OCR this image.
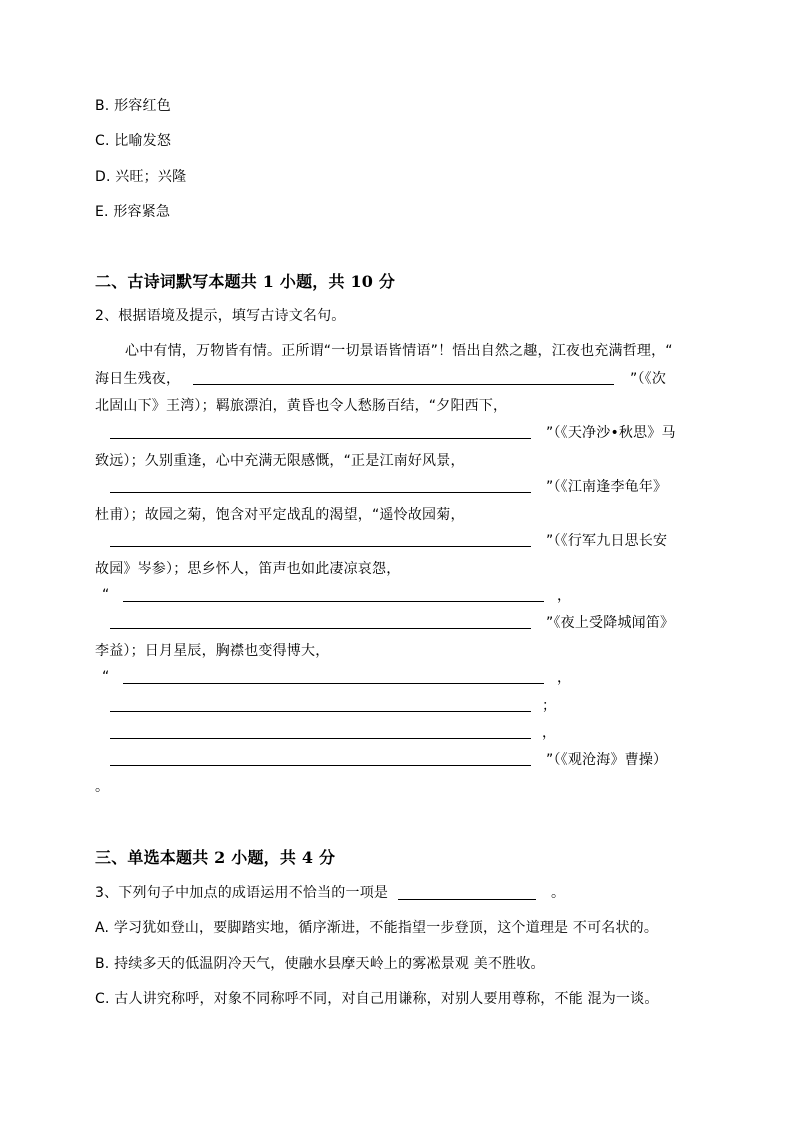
B. 形容红色
C. 比喻发怒
D. 兴旺；兴隆
E. 形容紧急
二、古诗词默写本题共 1 小题，共 10 分
2、根据语境及提示，填写古诗文名句。
心中有情，万物皆有情。正所谓“一切景语皆情语”！悟出自然之趣，江夜也充满哲理，“
海日生残夜，	”（《次
北固山下》王湾）；羁旅漂泊，黄昏也令人愁肠百结，“夕阳西下，
”（《天净沙•秋思》马
致远）；久别重逢，心中充满无限感慨，“正是江南好风景，
”（《江南逢李龟年》
杜甫）；故园之菊，饱含对平定战乱的渴望，“遥怜故园菊，
”（《行军九日思长安
故园》岑参）；思乡怀人，笛声也如此凄凉哀怨，
“	，
”《夜上受降城闻笛》
李益）；日月星辰，胸襟也变得博大，
“	，
；
，
”（《观沧海》曹操）
。
三、单选本题共 2 小题，共 4 分
3、下列句子中加点的成语运用不恰当的一项是	。
A. 学习犹如登山，要脚踏实地，循序渐进，不能指望一步登顶，这个道理是 不可名状的。
B. 持续多天的低温阴冷天气，使融水县摩天岭上的雾凇景观 美不胜收。
C. 古人讲究称呼，对象不同称呼不同，对自己用谦称，对别人要用尊称，不能 混为一谈。
